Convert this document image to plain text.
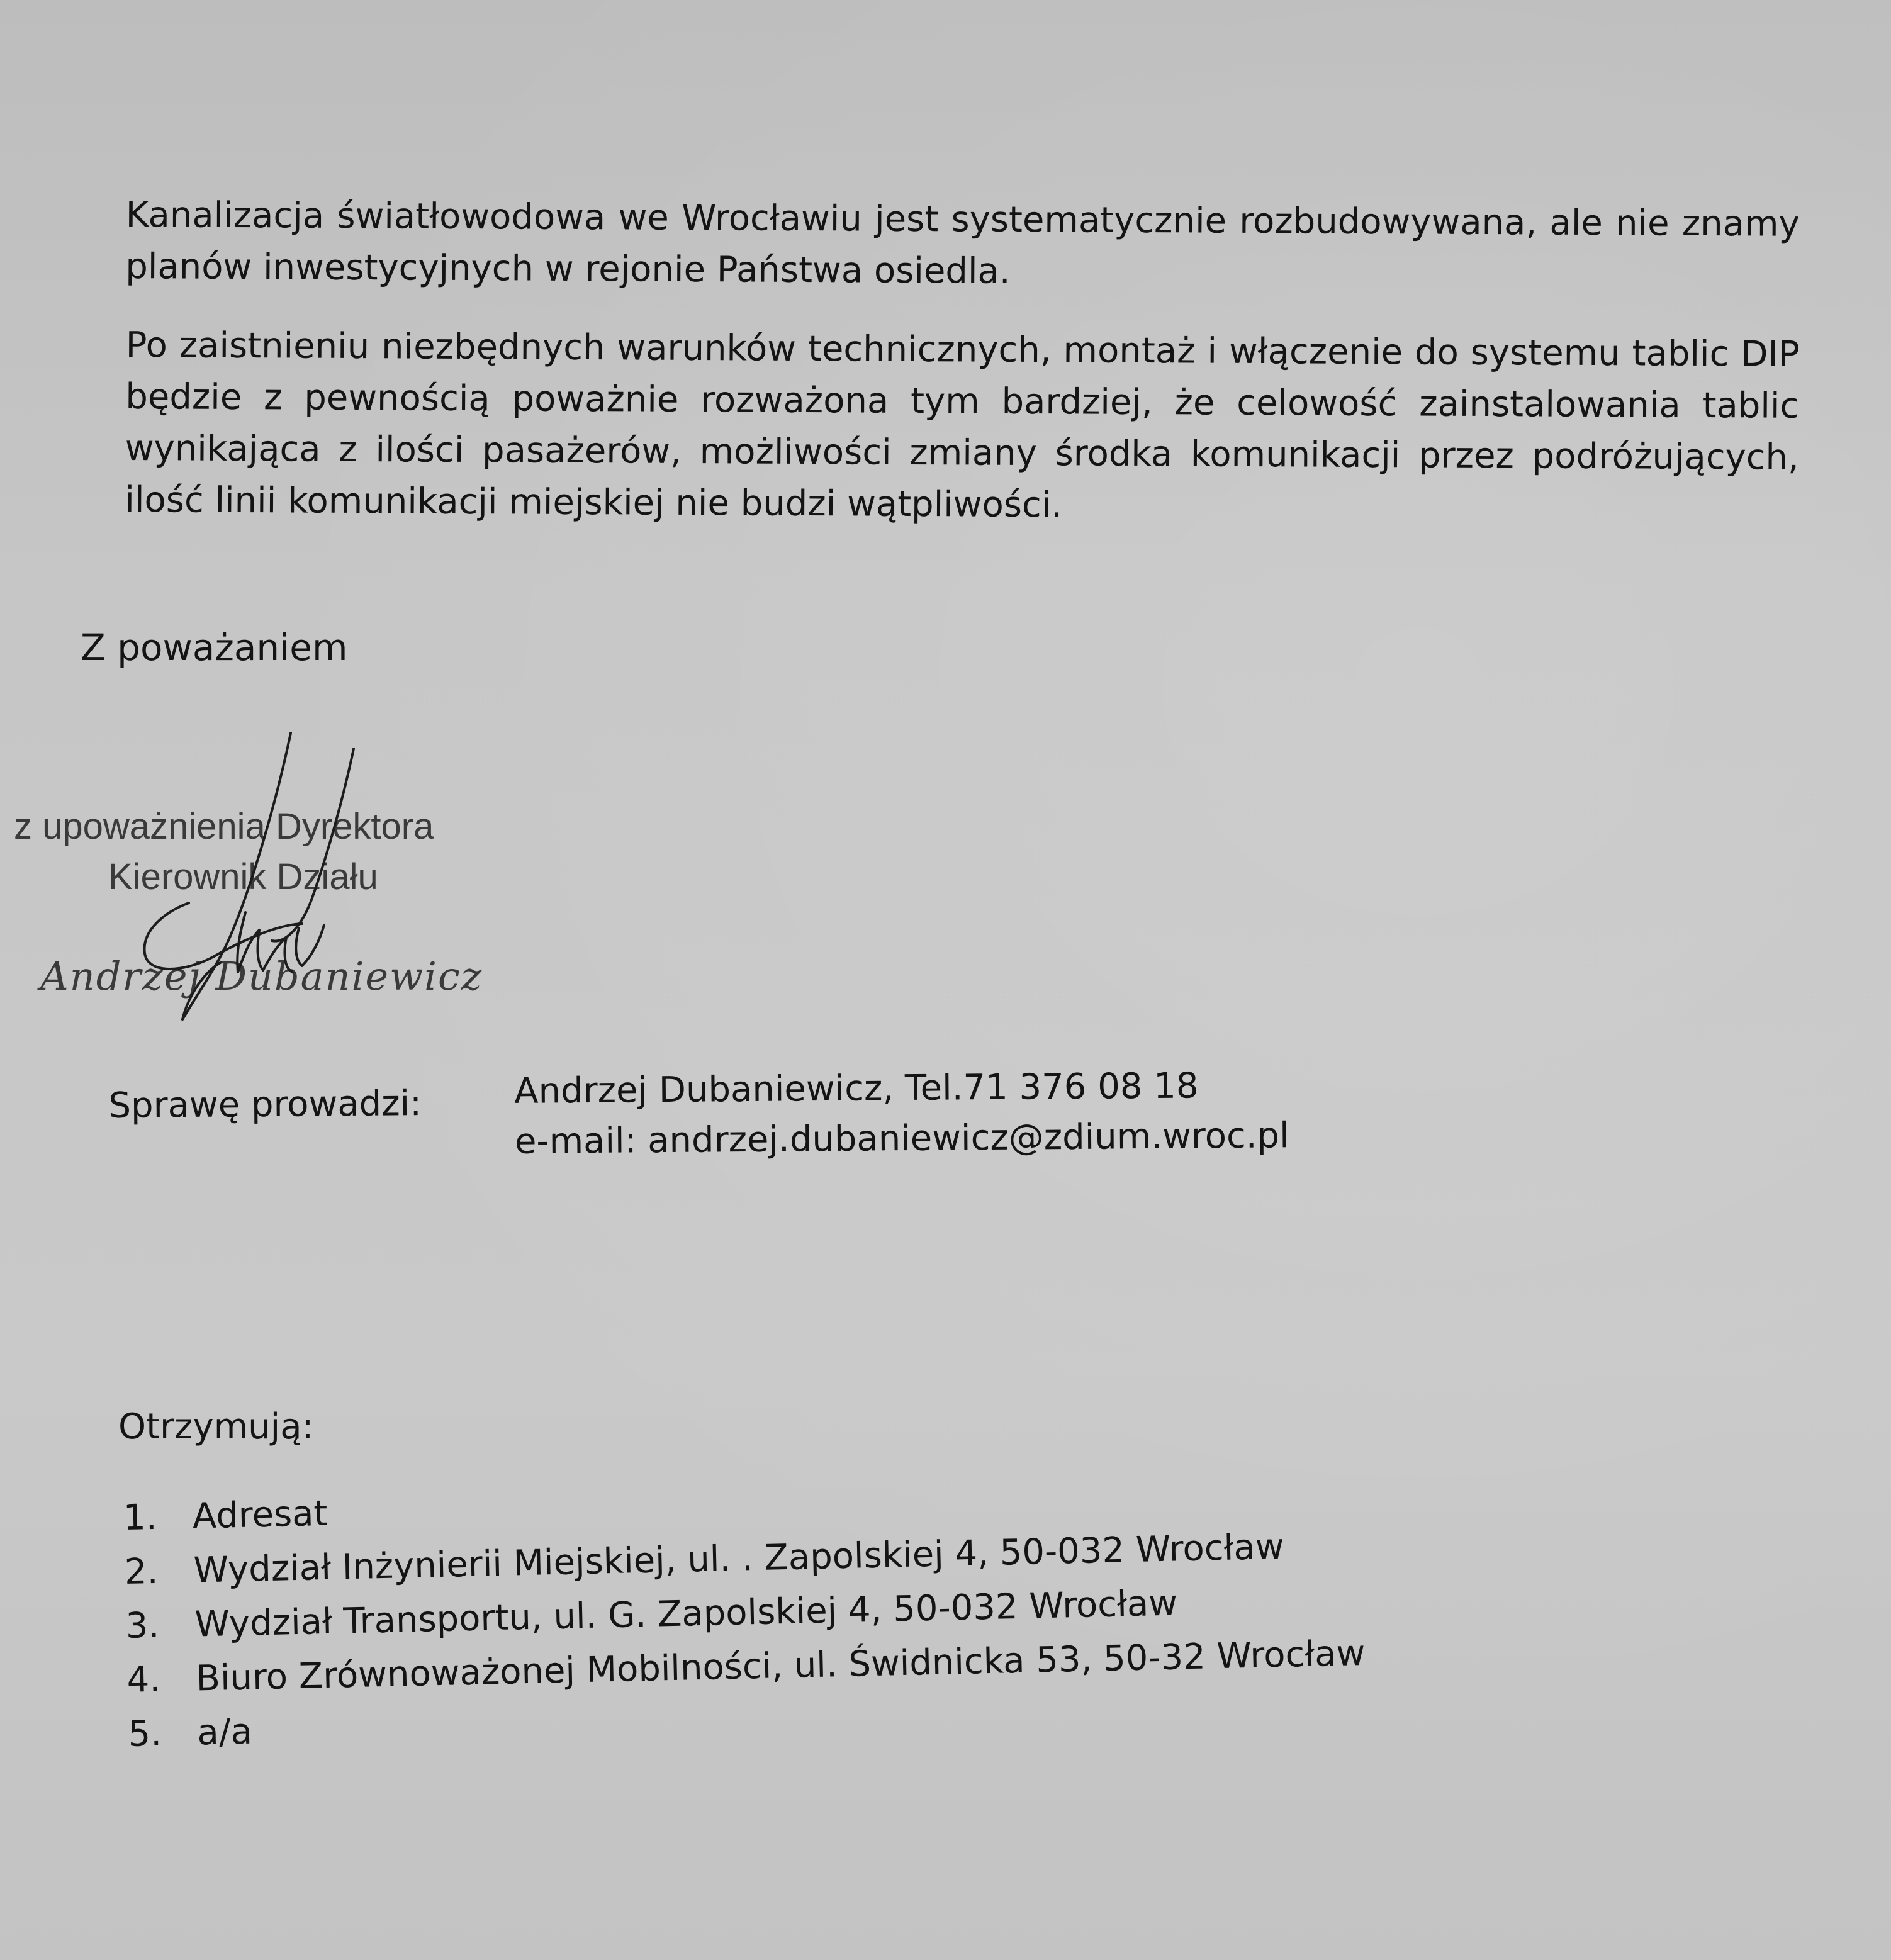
Kanalizacja światłowodowa we Wrocławiu jest systematycznie rozbudowywana, ale nie znamy planów inwestycyjnych w rejonie Państwa osiedla.

Po zaistnieniu niezbędnych warunków technicznych, montaż i włączenie do systemu tablic DIP będzie z pewnością poważnie rozważona tym bardziej, że celowość zainstalowania tablic wynikająca z ilości pasażerów, możliwości zmiany środka komunikacji przez podróżujących, ilość linii komunikacji miejskiej nie budzi wątpliwości.

Z poważaniem
z upoważnienia Dyrektora
Kierownik Działu
Andrzej Dubaniewicz
Sprawę prowadzi:	Andrzej Dubaniewicz, Tel.71 376 08 18
e-mail: andrzej.dubaniewicz@zdium.wroc.pl
Otrzymują:
1. Adresat
2. Wydział Inżynierii Miejskiej, ul. . Zapolskiej 4, 50-032 Wrocław
3. Wydział Transportu, ul. G. Zapolskiej 4, 50-032 Wrocław
4. Biuro Zrównoważonej Mobilności, ul. Świdnicka 53, 50-32 Wrocław
5. a/a
